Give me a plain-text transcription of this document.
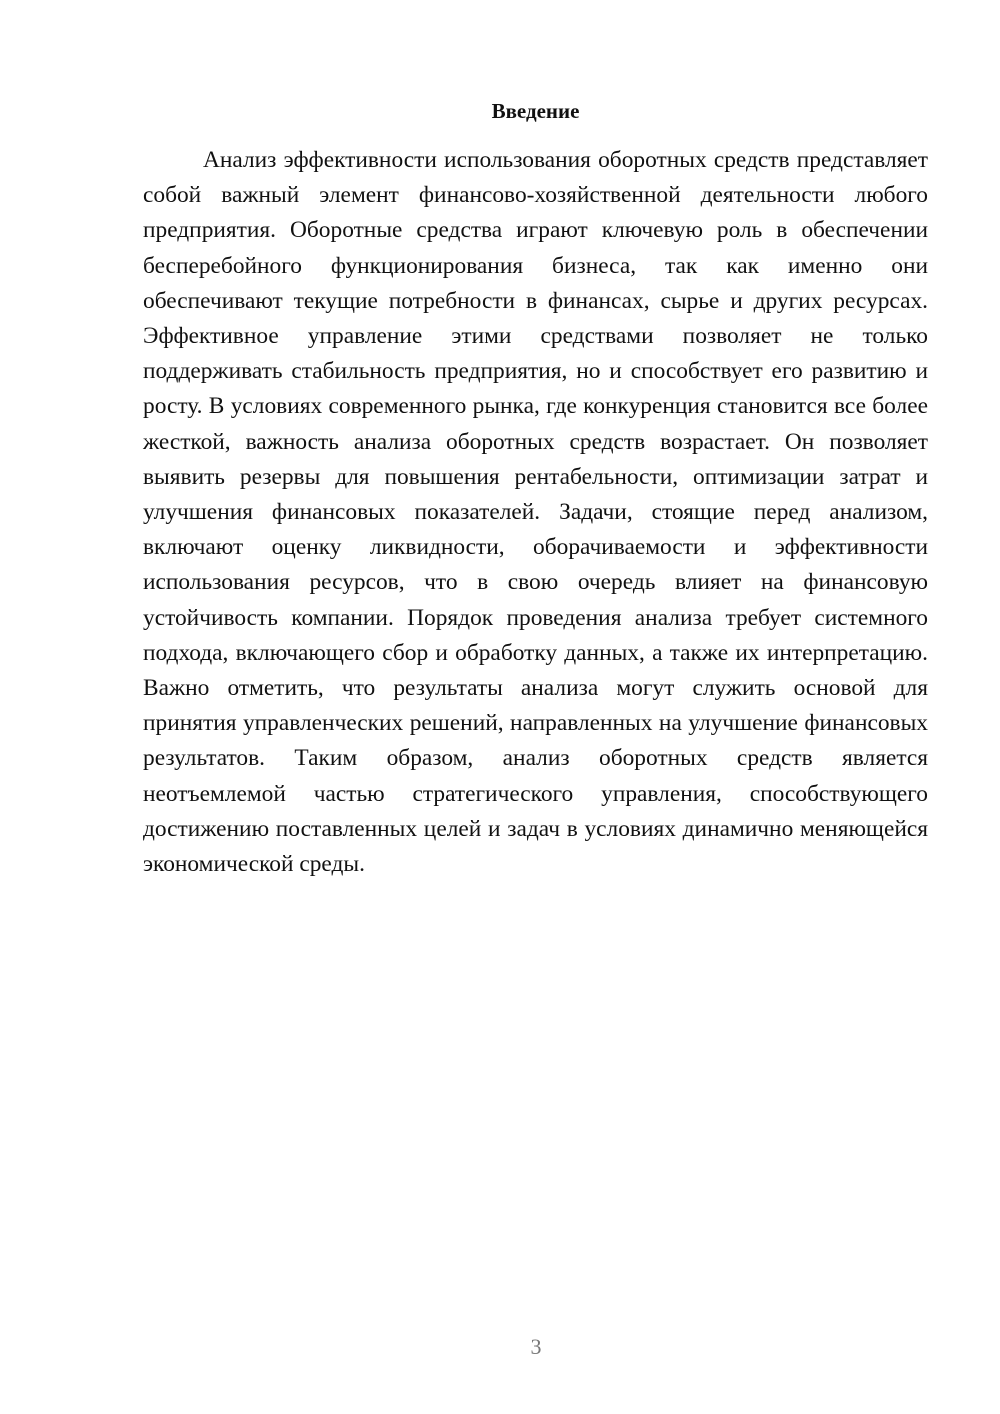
Введение

Анализ эффективности использования оборотных средств представляет собой важный элемент финансово-хозяйственной деятельности любого предприятия. Оборотные средства играют ключевую роль в обеспечении бесперебойного функционирования бизнеса, так как именно они обеспечивают текущие потребности в финансах, сырье и других ресурсах. Эффективное управление этими средствами позволяет не только поддерживать стабильность предприятия, но и способствует его развитию и росту. В условиях современного рынка, где конкуренция становится все более жесткой, важность анализа оборотных средств возрастает. Он позволяет выявить резервы для повышения рентабельности, оптимизации затрат и улучшения финансовых показателей. Задачи, стоящие перед анализом, включают оценку ликвидности, оборачиваемости и эффективности использования ресурсов, что в свою очередь влияет на финансовую устойчивость компании. Порядок проведения анализа требует системного подхода, включающего сбор и обработку данных, а также их интерпретацию. Важно отметить, что результаты анализа могут служить основой для принятия управленческих решений, направленных на улучшение финансовых результатов. Таким образом, анализ оборотных средств является неотъемлемой частью стратегического управления, способствующего достижению поставленных целей и задач в условиях динамично меняющейся экономической среды.

3
